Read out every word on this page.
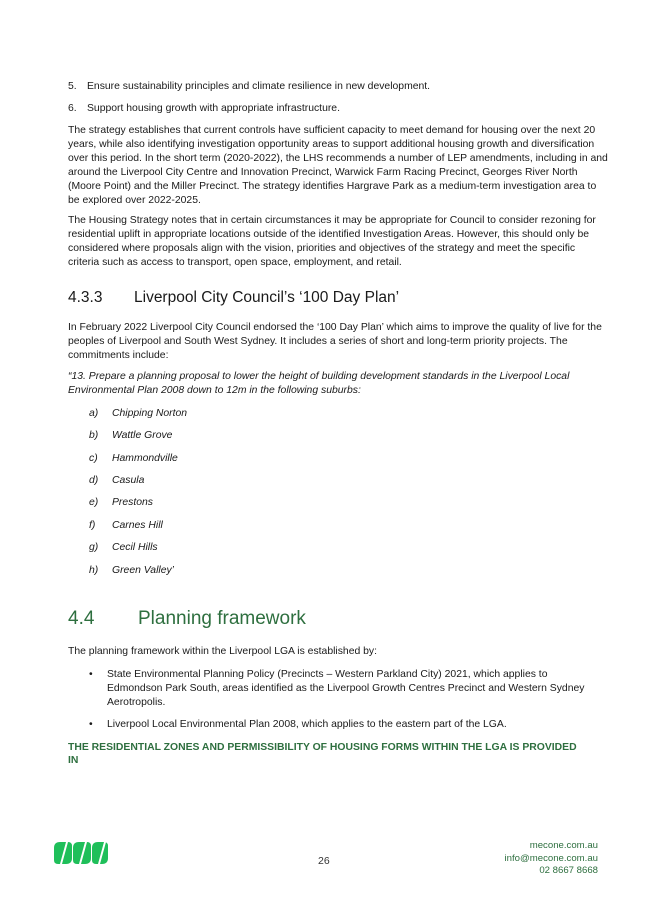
5. Ensure sustainability principles and climate resilience in new development.
6. Support housing growth with appropriate infrastructure.

The strategy establishes that current controls have sufficient capacity to meet demand for housing over the next 20 years, while also identifying investigation opportunity areas to support additional housing growth and diversification over this period. In the short term (2020-2022), the LHS recommends a number of LEP amendments, including in and around the Liverpool City Centre and Innovation Precinct, Warwick Farm Racing Precinct, Georges River North (Moore Point) and the Miller Precinct. The strategy identifies Hargrave Park as a medium-term investigation area to be explored over 2022-2025.

The Housing Strategy notes that in certain circumstances it may be appropriate for Council to consider rezoning for residential uplift in appropriate locations outside of the identified Investigation Areas. However, this should only be considered where proposals align with the vision, priorities and objectives of the strategy and meet the specific criteria such as access to transport, open space, employment, and retail.

4.3.3 Liverpool City Council’s ‘100 Day Plan’

In February 2022 Liverpool City Council endorsed the ‘100 Day Plan’ which aims to improve the quality of live for the peoples of Liverpool and South West Sydney. It includes a series of short and long-term priority projects. The commitments include:

“13. Prepare a planning proposal to lower the height of building development standards in the Liverpool Local Environmental Plan 2008 down to 12m in the following suburbs:

a) Chipping Norton
b) Wattle Grove
c) Hammondville
d) Casula
e) Prestons
f) Carnes Hill
g) Cecil Hills
h) Green Valley’
4.4 Planning framework

The planning framework within the Liverpool LGA is established by:

• State Environmental Planning Policy (Precincts – Western Parkland City) 2021, which applies to Edmondson Park South, areas identified as the Liverpool Growth Centres Precinct and Western Sydney Aerotropolis.
• Liverpool Local Environmental Plan 2008, which applies to the eastern part of the LGA.

THE RESIDENTIAL ZONES AND PERMISSIBILITY OF HOUSING FORMS WITHIN THE LGA IS PROVIDED IN

26
mecone.com.au
info@mecone.com.au
02 8667 8668
